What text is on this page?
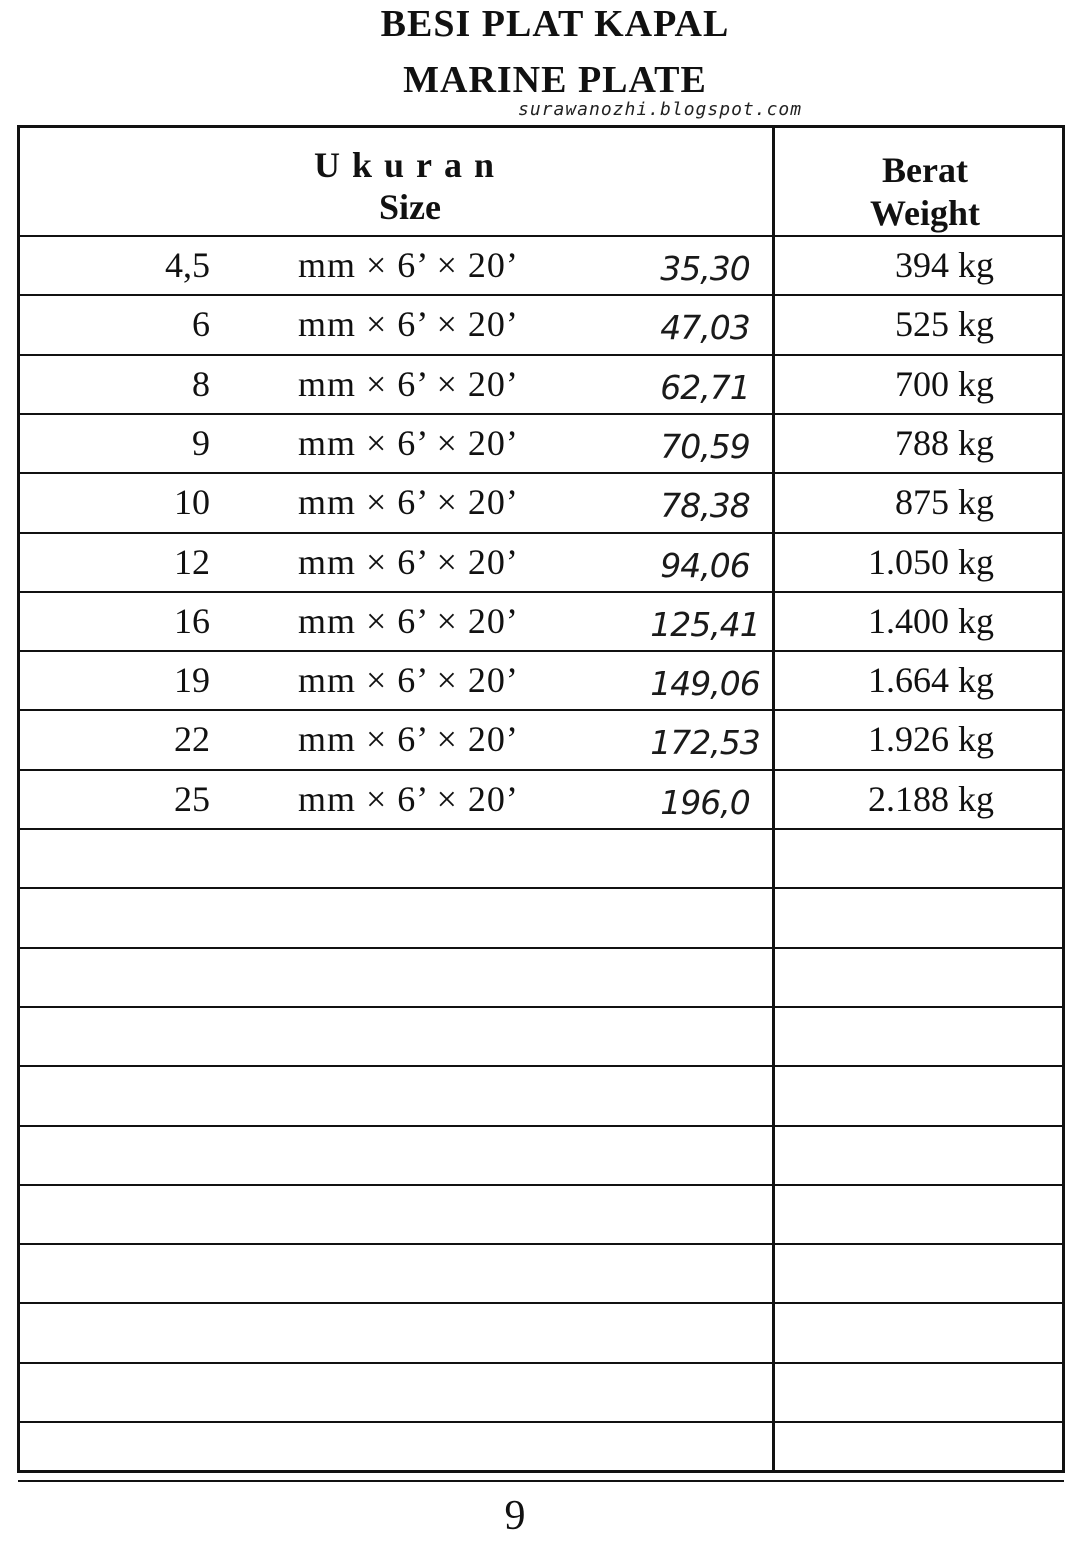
BESI PLAT KAPAL
MARINE PLATE
surawanozhi.blogspot.com
Ukuran
Size
Berat
Weight
4,5 mm × 6’ × 20’	35,30	394 kg
6 mm × 6’ × 20’	47,03	525 kg
8 mm × 6’ × 20’	62,71	700 kg
9 mm × 6’ × 20’	70,59	788 kg
10 mm × 6’ × 20’	78,38	875 kg
12 mm × 6’ × 20’	94,06	1.050 kg
16 mm × 6’ × 20’	125,41	1.400 kg
19 mm × 6’ × 20’	149,06	1.664 kg
22 mm × 6’ × 20’	172,53	1.926 kg
25 mm × 6’ × 20’	196,0	2.188 kg
9
